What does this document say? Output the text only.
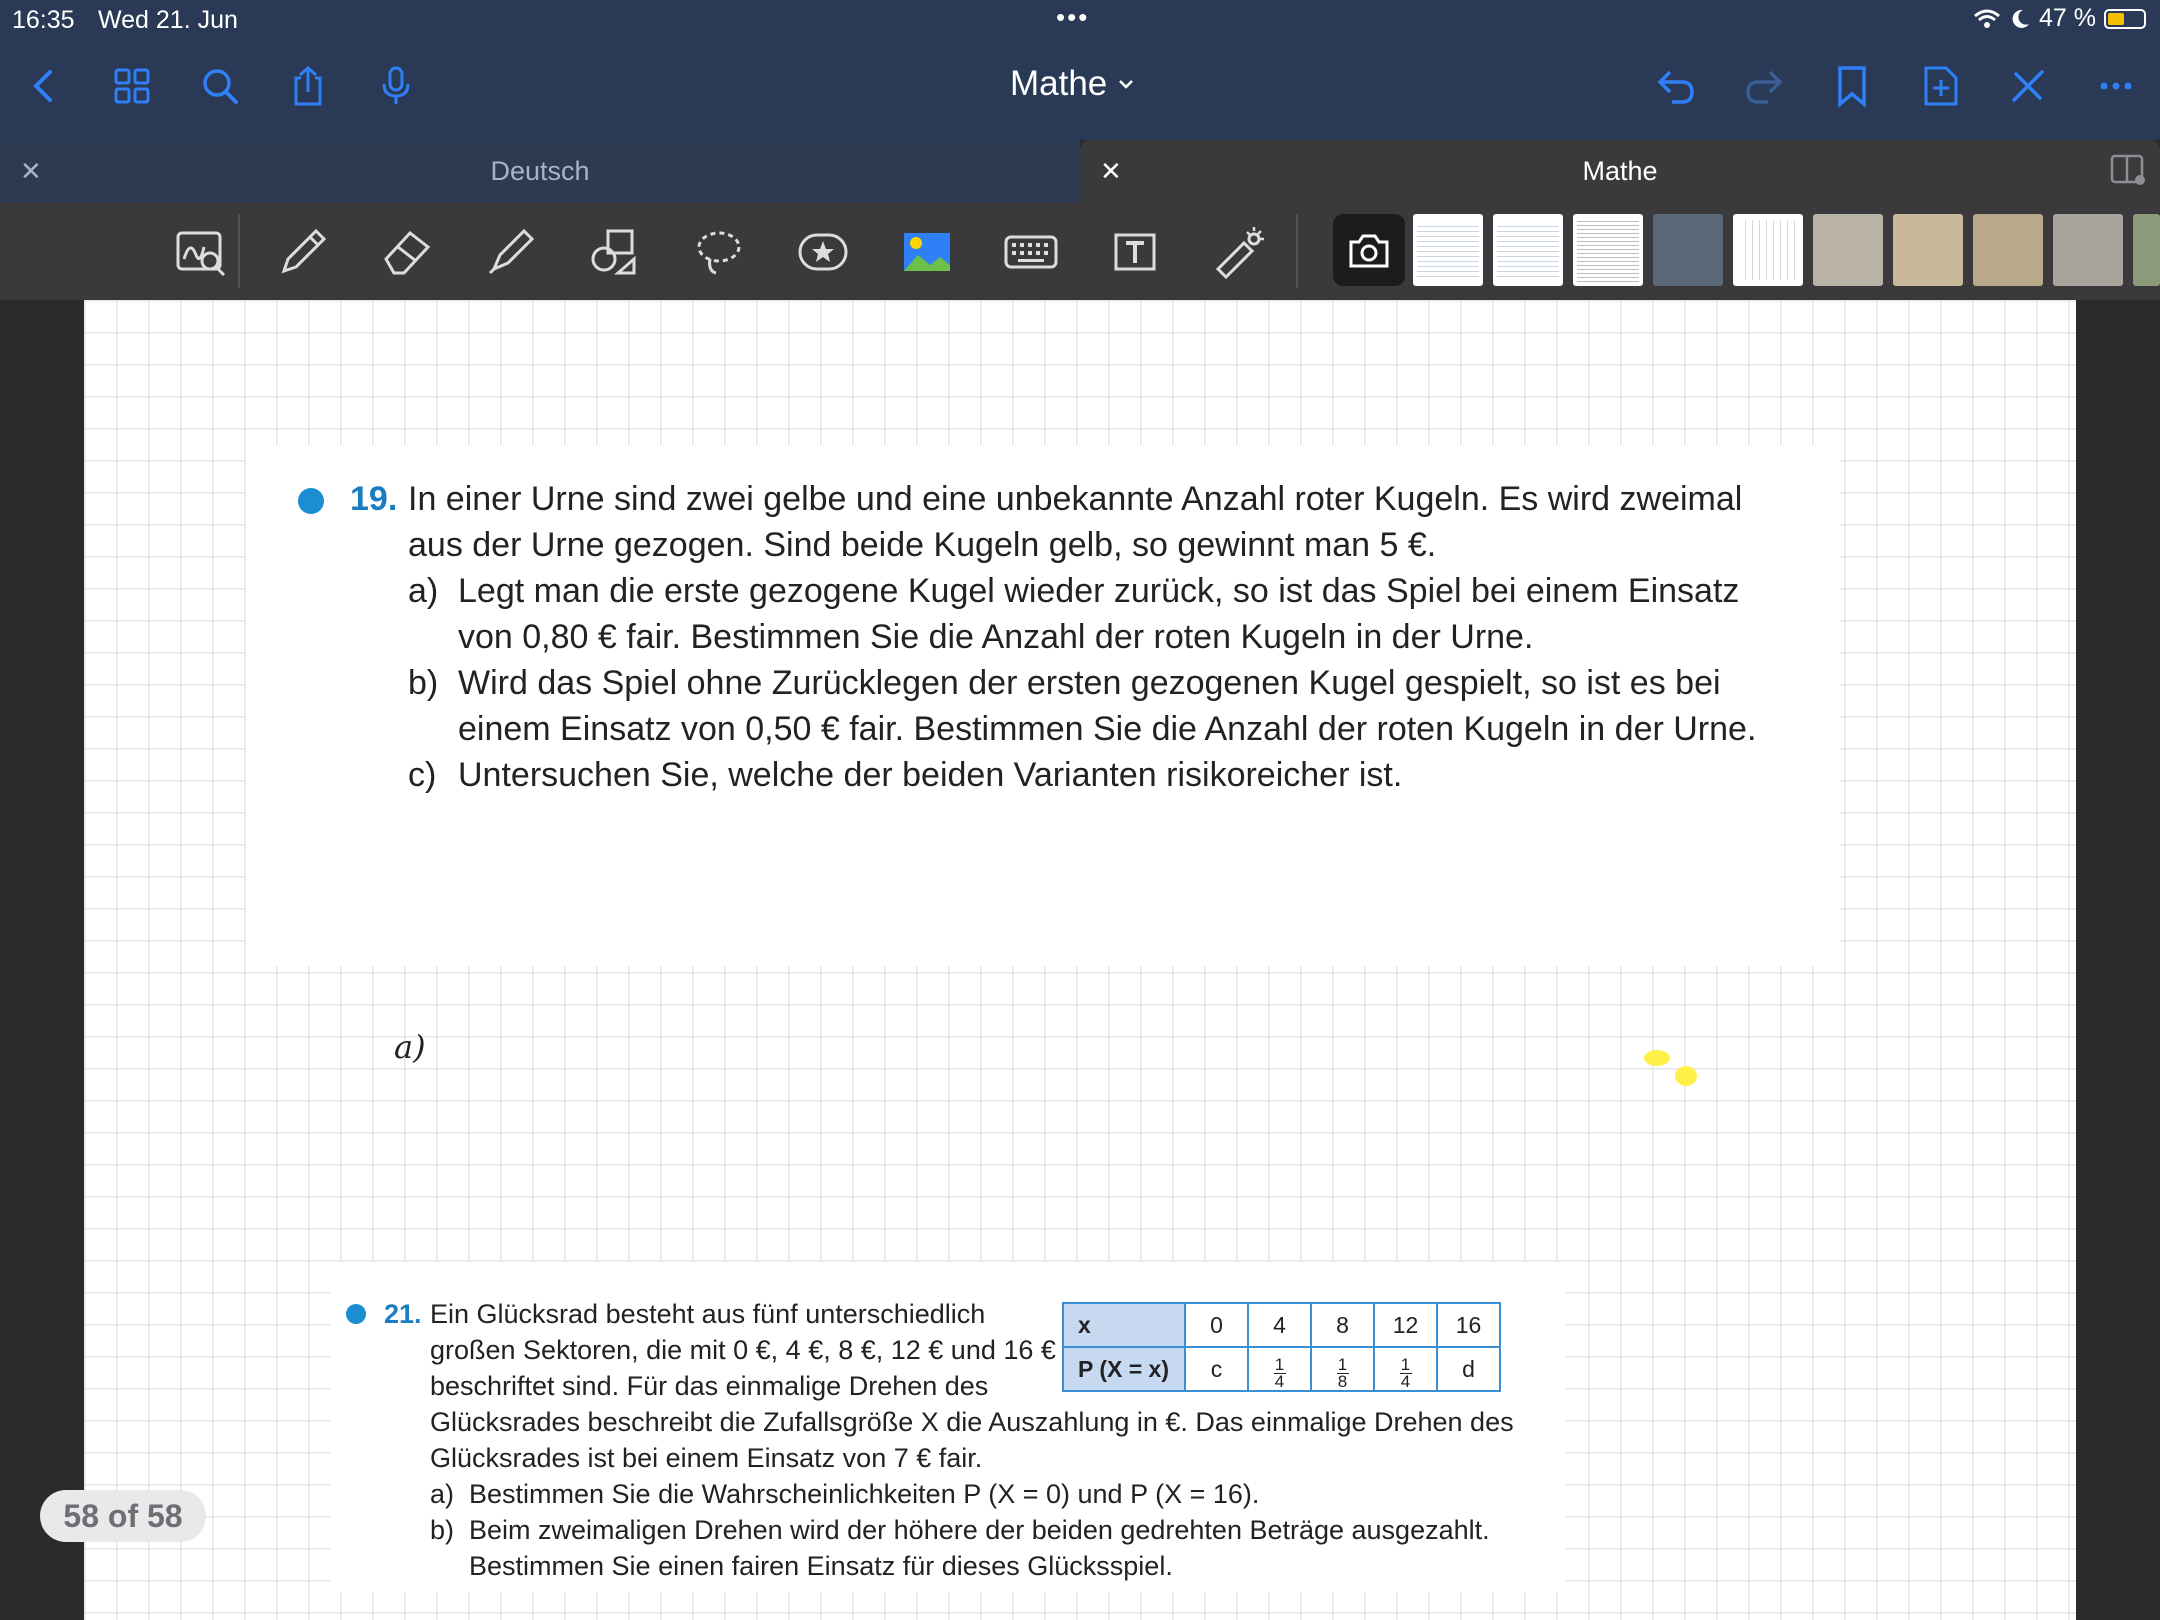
16:35 Wed 21. Jun	•••	47 %
Mathe
✕	Deutsch	✕	Mathe
19. In einer Urne sind zwei gelbe und eine unbekannte Anzahl roter Kugeln. Es wird zweimal
aus der Urne gezogen. Sind beide Kugeln gelb, so gewinnt man 5 €.
a) Legt man die erste gezogene Kugel wieder zurück, so ist das Spiel bei einem Einsatz
von 0,80 € fair. Bestimmen Sie die Anzahl der roten Kugeln in der Urne.
b) Wird das Spiel ohne Zurücklegen der ersten gezogenen Kugel gespielt, so ist es bei
einem Einsatz von 0,50 € fair. Bestimmen Sie die Anzahl der roten Kugeln in der Urne.
c) Untersuchen Sie, welche der beiden Varianten risikoreicher ist.
a)
21. Ein Glücksrad besteht aus fünf unterschiedlich
großen Sektoren, die mit 0 €, 4 €, 8 €, 12 € und 16 €
beschriftet sind. Für das einmalige Drehen des
Glücksrades beschreibt die Zufallsgröße X die Auszahlung in €. Das einmalige Drehen des
Glücksrades ist bei einem Einsatz von 7 € fair.
a) Bestimmen Sie die Wahrscheinlichkeiten P (X = 0) und P (X = 16).
b) Beim zweimaligen Drehen wird der höhere der beiden gedrehten Beträge ausgezahlt.
Bestimmen Sie einen fairen Einsatz für dieses Glücksspiel.
x	0	4	8	12	16
P (X = x)	c	$\frac{1}{4}$	$\frac{1}{8}$	$\frac{1}{4}$	d
58 of 58
